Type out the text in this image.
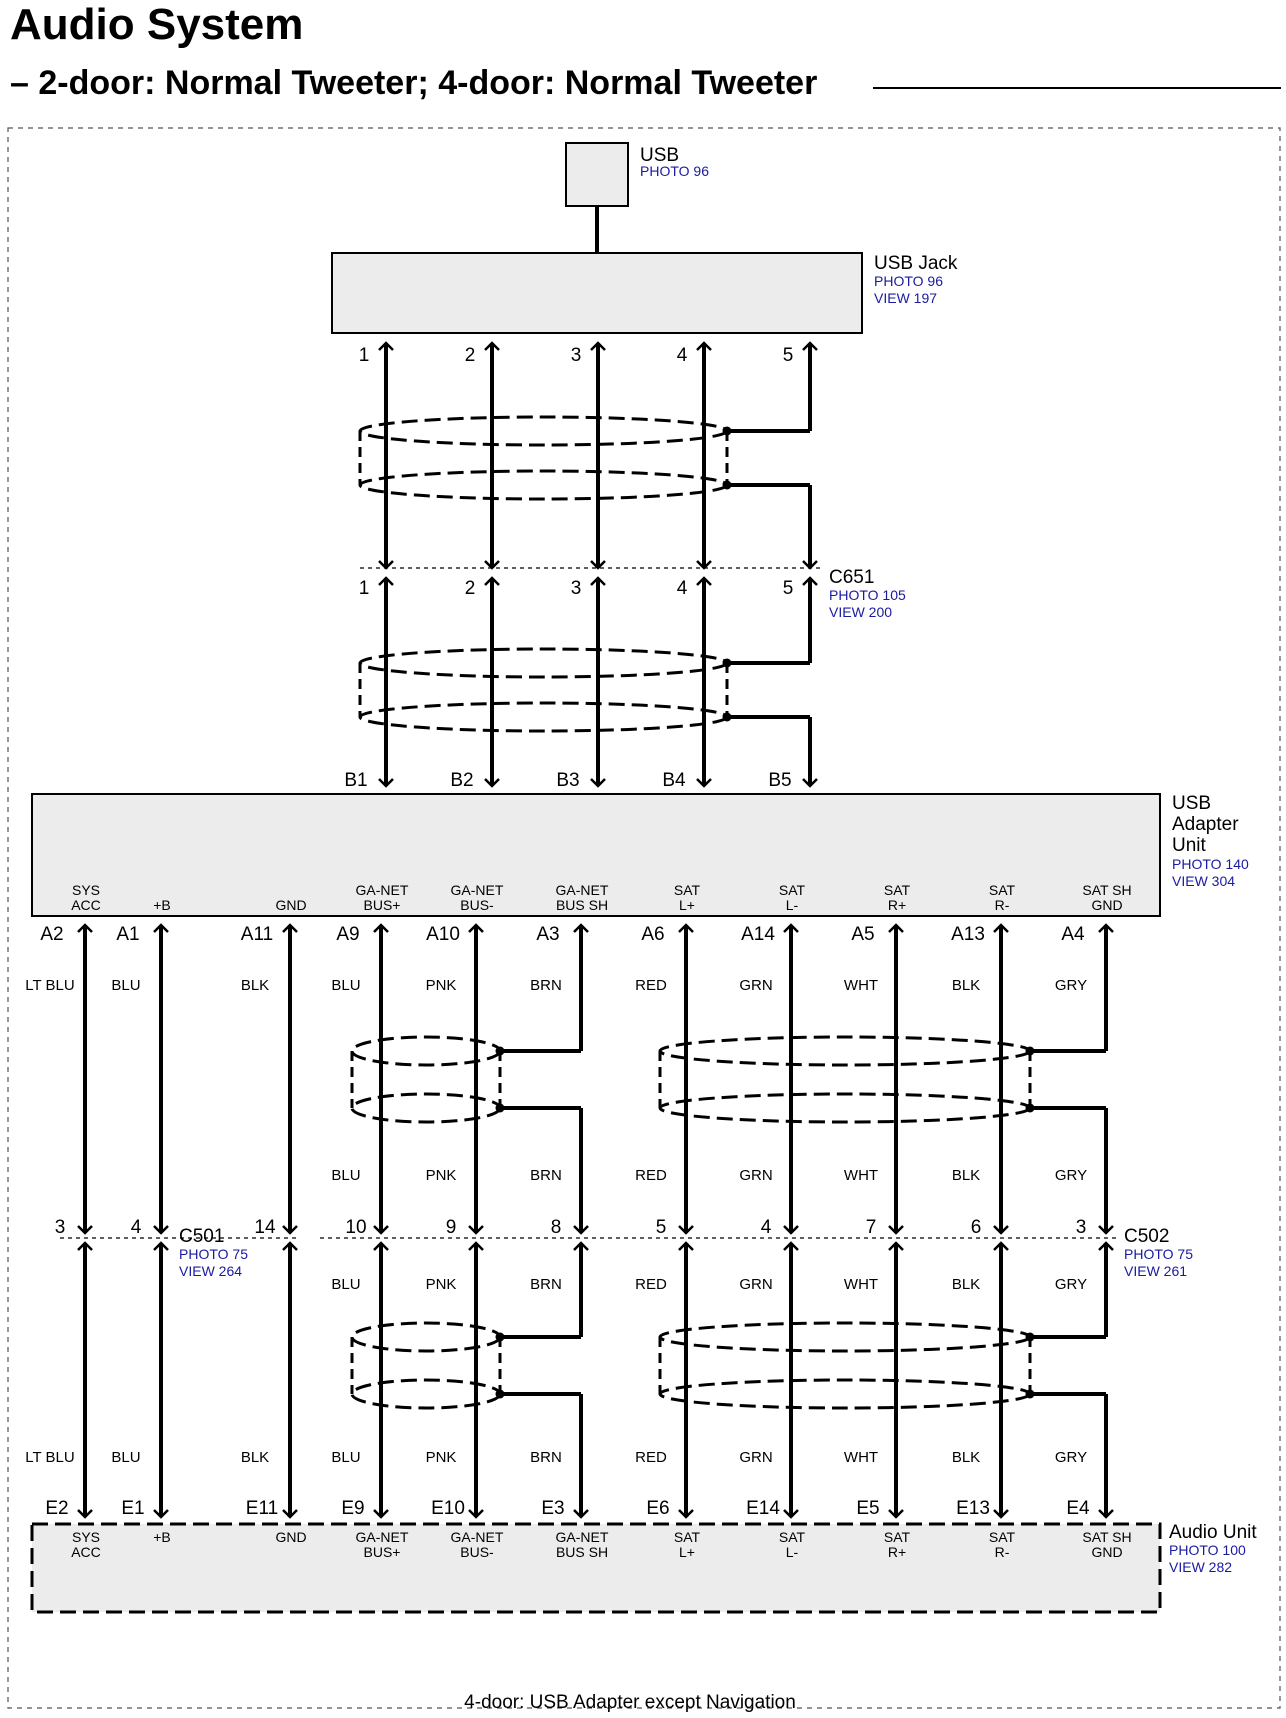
Audio System
– 2-door: Normal Tweeter; 4-door: Normal Tweeter
USB
PHOTO 96
USB Jack
PHOTO 96
VIEW 197
1
1
B1
2
2
B2
3
3
B3
4
4
B4
5
5
B5
C651
PHOTO 105
VIEW 200
USB
Adapter
Unit
PHOTO 140
VIEW 304
Audio Unit
PHOTO 100
VIEW 282
SYS
ACC
SYS
ACC
A2
E2
3
LT BLU
LT BLU
+B
+B
A1
E1
4
BLU
BLU
GND
GND
A11
E11
14
BLK
BLK
GA-NET
BUS+
GA-NET
BUS+
A9
E9
10
BLU
BLU
BLU
BLU
GA-NET
BUS-
GA-NET
BUS-
A10
E10
9
PNK
PNK
PNK
PNK
GA-NET
BUS SH
GA-NET
BUS SH
A3
E3
8
BRN
BRN
BRN
BRN
SAT
L+
SAT
L+
A6
E6
5
RED
RED
RED
RED
SAT
L-
SAT
L-
A14
E14
4
GRN
GRN
GRN
GRN
SAT
R+
SAT
R+
A5
E5
7
WHT
WHT
WHT
WHT
SAT
R-
SAT
R-
A13
E13
6
BLK
BLK
BLK
BLK
SAT SH
GND
SAT SH
GND
A4
E4
3
GRY
GRY
GRY
GRY
C501
PHOTO 75
VIEW 264
C502
PHOTO 75
VIEW 261
4-door: USB Adapter except Navigation
